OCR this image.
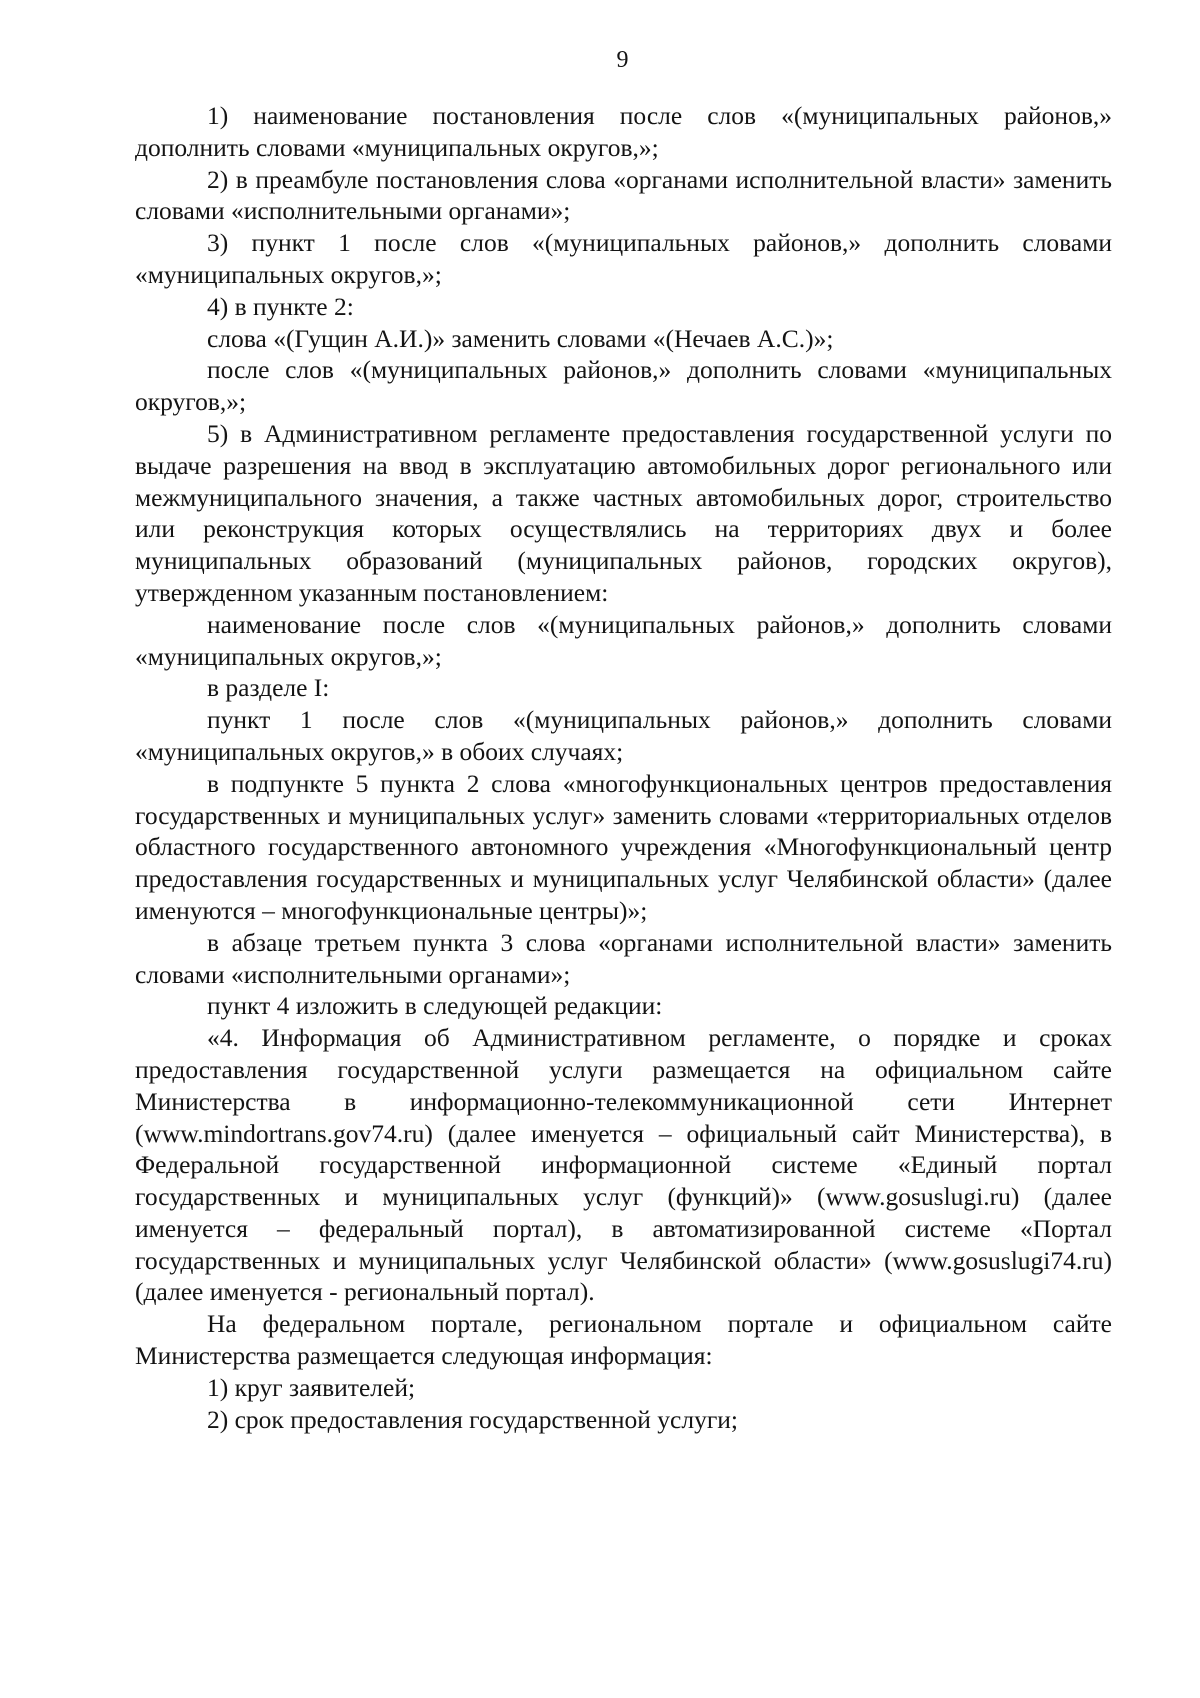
9

1) наименование постановления после слов «(муниципальных районов,» дополнить словами «муниципальных округов,»;

2) в преамбуле постановления слова «органами исполнительной власти» заменить словами «исполнительными органами»;

3) пункт 1 после слов «(муниципальных районов,» дополнить словами «муниципальных округов,»;

4) в пункте 2:

слова «(Гущин А.И.)» заменить словами «(Нечаев А.С.)»;

после слов «(муниципальных районов,» дополнить словами «муниципальных округов,»;

5) в Административном регламенте предоставления государственной услуги по выдаче разрешения на ввод в эксплуатацию автомобильных дорог регионального или межмуниципального значения, а также частных автомобильных дорог, строительство или реконструкция которых осуществлялись на территориях двух и более муниципальных образований (муниципальных районов, городских округов), утвержденном указанным постановлением:

наименование после слов «(муниципальных районов,» дополнить словами «муниципальных округов,»;

в разделе I:

пункт 1 после слов «(муниципальных районов,» дополнить словами «муниципальных округов,» в обоих случаях;

в подпункте 5 пункта 2 слова «многофункциональных центров предоставления государственных и муниципальных услуг» заменить словами «территориальных отделов областного государственного автономного учреждения «Многофункциональный центр предоставления государственных и муниципальных услуг Челябинской области» (далее именуются – многофункциональные центры)»;

в абзаце третьем пункта 3 слова «органами исполнительной власти» заменить словами «исполнительными органами»;

пункт 4 изложить в следующей редакции:

«4. Информация об Административном регламенте, о порядке и сроках предоставления государственной услуги размещается на официальном сайте Министерства в информационно-телекоммуникационной сети Интернет (www.mindortrans.gov74.ru) (далее именуется – официальный сайт Министерства), в Федеральной государственной информационной системе «Единый портал государственных и муниципальных услуг (функций)» (www.gosuslugi.ru) (далее именуется – федеральный портал), в автоматизированной системе «Портал государственных и муниципальных услуг Челябинской области» (www.gosuslugi74.ru) (далее именуется - региональный портал).

На федеральном портале, региональном портале и официальном сайте Министерства размещается следующая информация:

1) круг заявителей;

2) срок предоставления государственной услуги;
